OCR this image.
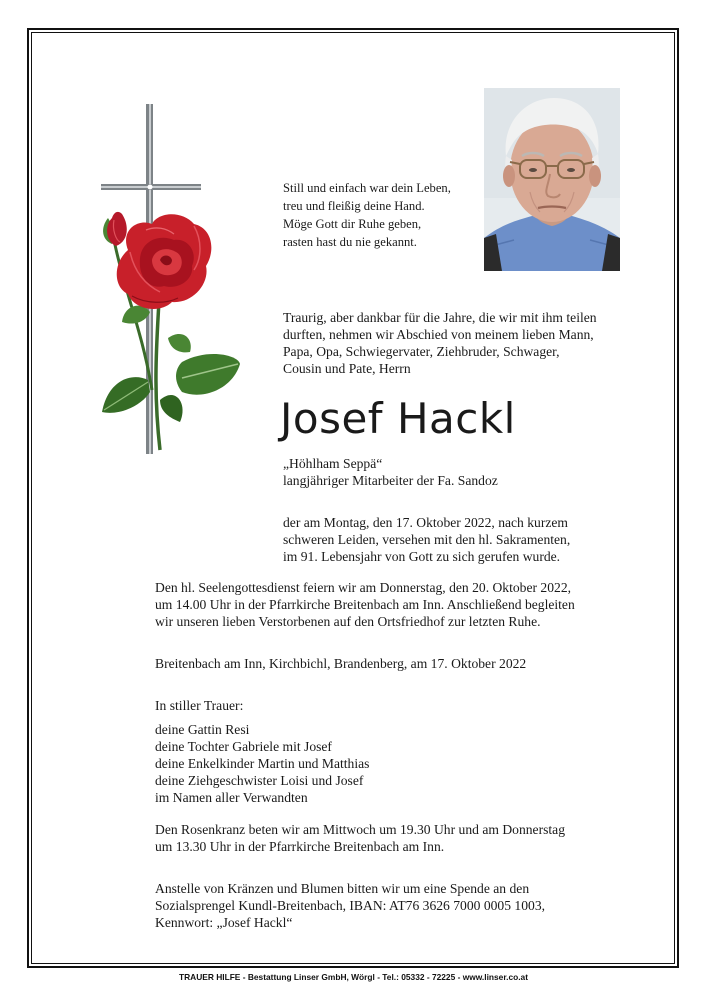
Still und einfach war dein Leben,
treu und fleißig deine Hand.
Möge Gott dir Ruhe geben,
rasten hast du nie gekannt.

Traurig, aber dankbar für die Jahre, die wir mit ihm teilen
durften, nehmen wir Abschied von meinem lieben Mann,
Papa, Opa, Schwiegervater, Ziehbruder, Schwager,
Cousin und Pate, Herrn

Josef Hackl

„Höhlham Seppä“
langjähriger Mitarbeiter der Fa. Sandoz

der am Montag, den 17. Oktober 2022, nach kurzem
schweren Leiden, versehen mit den hl. Sakramenten,
im 91. Lebensjahr von Gott zu sich gerufen wurde.

Den hl. Seelengottesdienst feiern wir am Donnerstag, den 20. Oktober 2022,
um 14.00 Uhr in der Pfarrkirche Breitenbach am Inn. Anschließend begleiten
wir unseren lieben Verstorbenen auf den Ortsfriedhof zur letzten Ruhe.

Breitenbach am Inn, Kirchbichl, Brandenberg, am 17. Oktober 2022

In stiller Trauer:

deine Gattin Resi
deine Tochter Gabriele mit Josef
deine Enkelkinder Martin und Matthias
deine Ziehgeschwister Loisi und Josef
im Namen aller Verwandten

Den Rosenkranz beten wir am Mittwoch um 19.30 Uhr und am Donnerstag
um 13.30 Uhr in der Pfarrkirche Breitenbach am Inn.

Anstelle von Kränzen und Blumen bitten wir um eine Spende an den
Sozialsprengel Kundl-Breitenbach, IBAN: AT76 3626 7000 0005 1003,
Kennwort: „Josef Hackl“

TRAUER HILFE - Bestattung Linser GmbH, Wörgl - Tel.: 05332 - 72225 - www.linser.co.at
